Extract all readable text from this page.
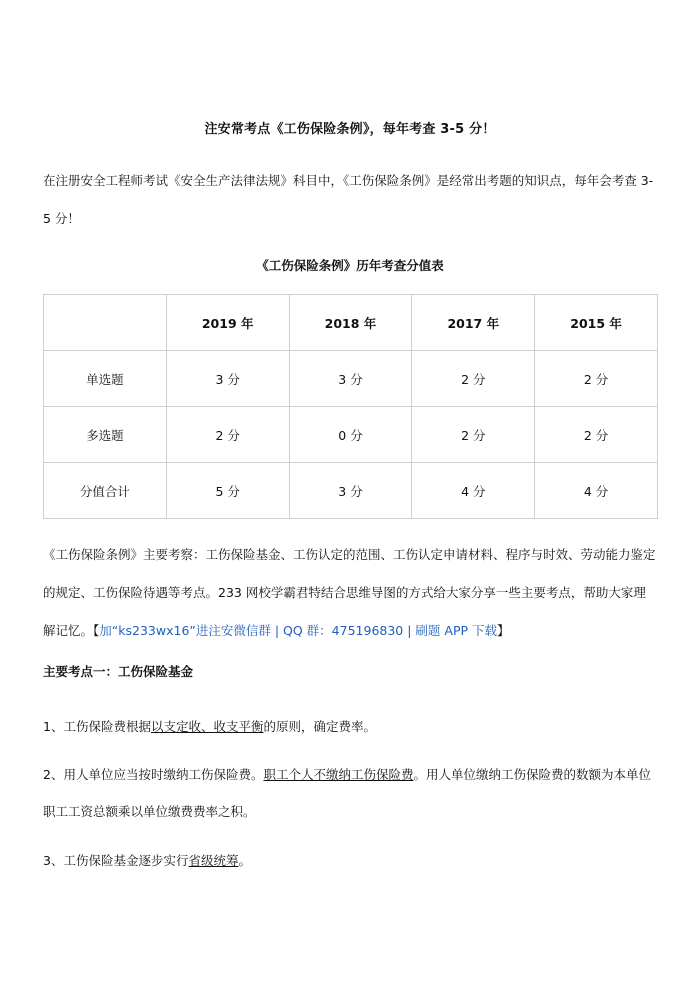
注安常考点《工伤保险条例》，每年考查 3-5 分！

在注册安全工程师考试《安全生产法律法规》科目中，《工伤保险条例》是经常出考题的知识点，每年会考查 3-5 分！

《工伤保险条例》历年考查分值表
	2019 年	2018 年	2017 年	2015 年
单选题	3 分	3 分	2 分	2 分
多选题	2 分	0 分	2 分	2 分
分值合计	5 分	3 分	4 分	4 分

《工伤保险条例》主要考察：工伤保险基金、工伤认定的范围、工伤认定申请材料、程序与时效、劳动能力鉴定的规定、工伤保险待遇等考点。233 网校学霸君特结合思维导图的方式给大家分享一些主要考点，帮助大家理解记忆。【加“ks233wx16”进注安微信群 | QQ 群：475196830 | 刷题 APP 下载】

主要考点一：工伤保险基金

1、工伤保险费根据以支定收、收支平衡的原则，确定费率。

2、用人单位应当按时缴纳工伤保险费。职工个人不缴纳工伤保险费。用人单位缴纳工伤保险费的数额为本单位职工工资总额乘以单位缴费费率之积。

3、工伤保险基金逐步实行省级统筹。
